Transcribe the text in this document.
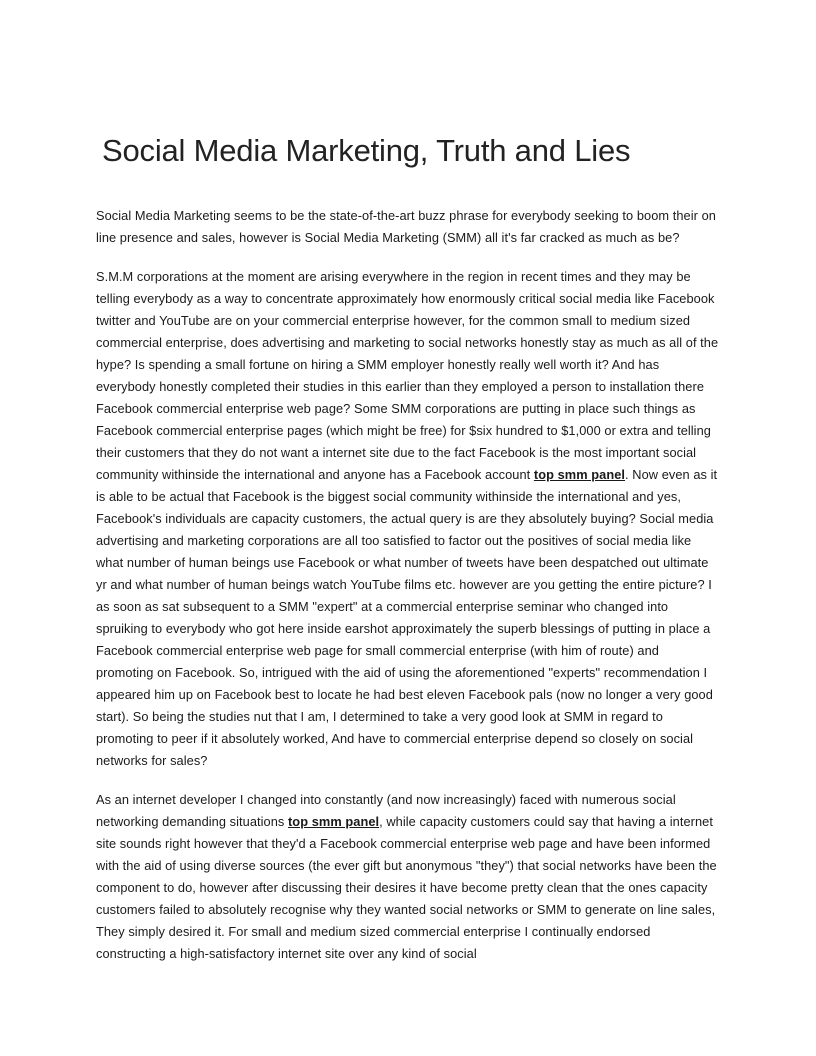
Social Media Marketing, Truth and Lies

Social Media Marketing seems to be the state-of-the-art buzz phrase for everybody seeking to boom their on line presence and sales, however is Social Media Marketing (SMM) all it's far cracked as much as be?

S.M.M corporations at the moment are arising everywhere in the region in recent times and they may be telling everybody as a way to concentrate approximately how enormously critical social media like Facebook twitter and YouTube are on your commercial enterprise however, for the common small to medium sized commercial enterprise, does advertising and marketing to social networks honestly stay as much as all of the hype? Is spending a small fortune on hiring a SMM employer honestly really well worth it? And has everybody honestly completed their studies in this earlier than they employed a person to installation there Facebook commercial enterprise web page? Some SMM corporations are putting in place such things as Facebook commercial enterprise pages (which might be free) for $six hundred to $1,000 or extra and telling their customers that they do not want a internet site due to the fact Facebook is the most important social community withinside the international and anyone has a Facebook account top smm panel. Now even as it is able to be actual that Facebook is the biggest social community withinside the international and yes, Facebook's individuals are capacity customers, the actual query is are they absolutely buying? Social media advertising and marketing corporations are all too satisfied to factor out the positives of social media like what number of human beings use Facebook or what number of tweets have been despatched out ultimate yr and what number of human beings watch YouTube films etc. however are you getting the entire picture? I as soon as sat subsequent to a SMM "expert" at a commercial enterprise seminar who changed into spruiking to everybody who got here inside earshot approximately the superb blessings of putting in place a Facebook commercial enterprise web page for small commercial enterprise (with him of route) and promoting on Facebook. So, intrigued with the aid of using the aforementioned "experts" recommendation I appeared him up on Facebook best to locate he had best eleven Facebook pals (now no longer a very good start). So being the studies nut that I am, I determined to take a very good look at SMM in regard to promoting to peer if it absolutely worked, And have to commercial enterprise depend so closely on social networks for sales?

As an internet developer I changed into constantly (and now increasingly) faced with numerous social networking demanding situations top smm panel, while capacity customers could say that having a internet site sounds right however that they'd a Facebook commercial enterprise web page and have been informed with the aid of using diverse sources (the ever gift but anonymous "they") that social networks have been the component to do, however after discussing their desires it have become pretty clean that the ones capacity customers failed to absolutely recognise why they wanted social networks or SMM to generate on line sales, They simply desired it. For small and medium sized commercial enterprise I continually endorsed constructing a high-satisfactory internet site over any kind of social
